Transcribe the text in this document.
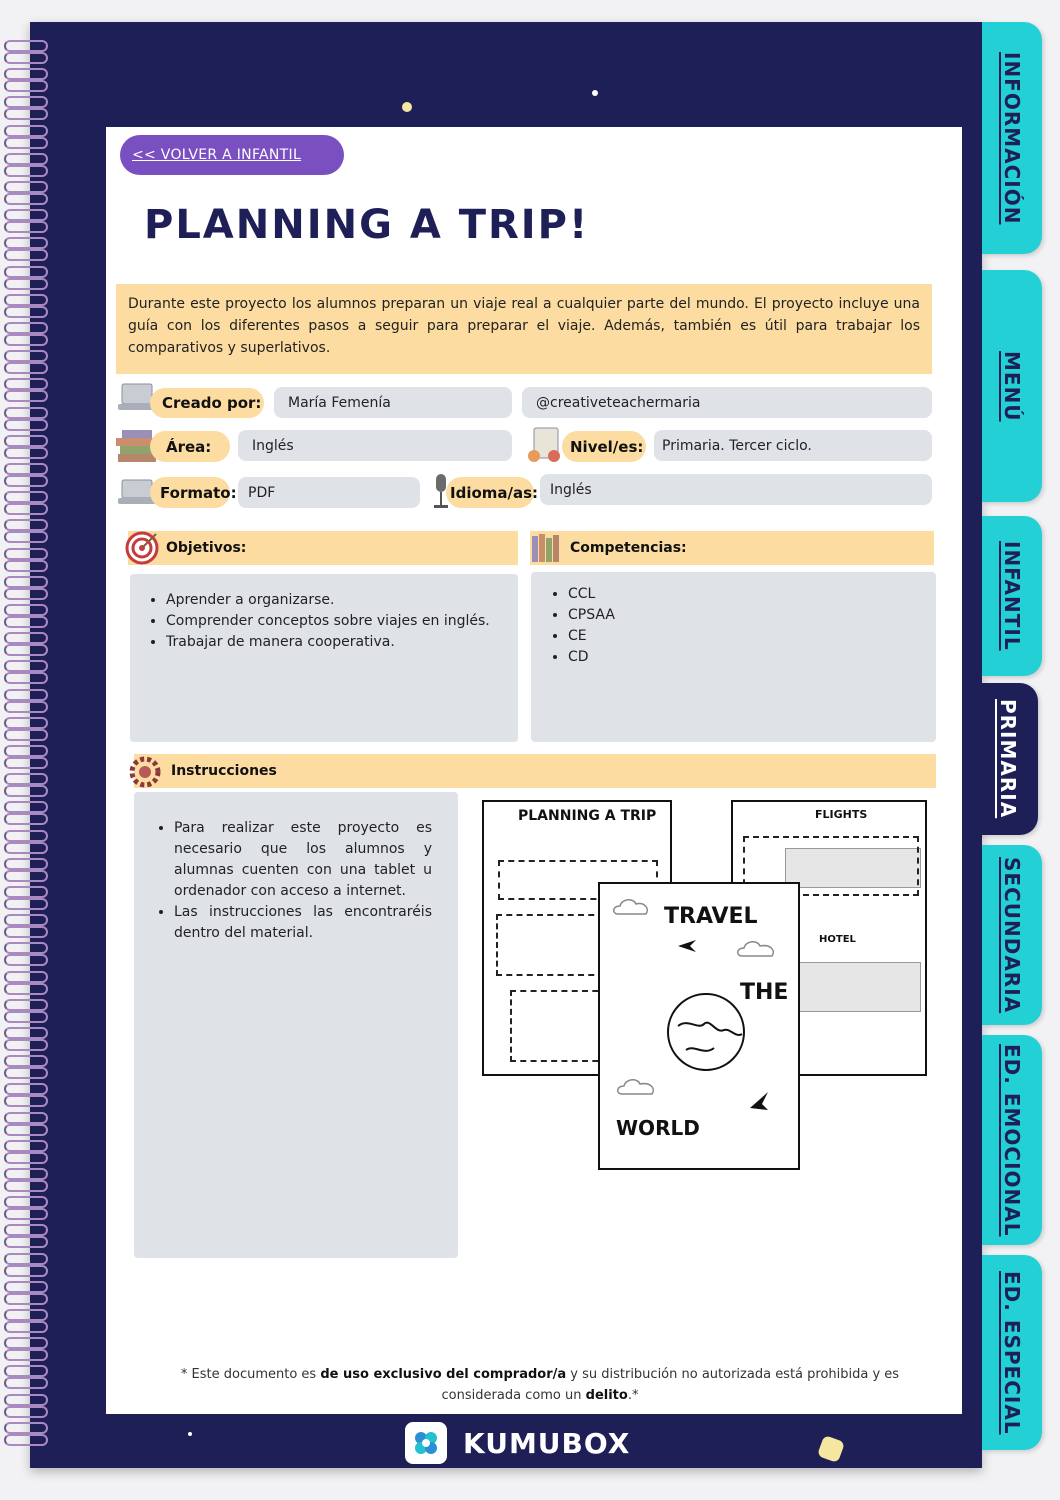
INFORMACIÓN
MENÚ
INFANTIL
PRIMARIA
SECUNDARIA
ED. EMOCIONAL
ED. ESPECIAL
<< VOLVER A INFANTIL
PLANNING A TRIP!
Durante este proyecto los alumnos preparan un viaje real a cualquier parte del mundo. El proyecto incluye una guía con los diferentes pasos a seguir para preparar el viaje. Además, también es útil para trabajar los comparativos y superlativos.
Creado por: María Femenía	@creativeteachermaria
Área:	Inglés	Nivel/es: Primaria. Tercer ciclo.
Formato: PDF	Idioma/as: Inglés
Objetivos:
• Aprender a organizarse.
• Comprender conceptos sobre viajes en inglés.
• Trabajar de manera cooperativa.
Competencias:
• CCL
• CPSAA
• CE
• CD
Instrucciones
• Para realizar este proyecto es necesario que los alumnos y alumnas cuenten con una tablet u ordenador con acceso a internet.
• Las instrucciones las encontraréis dentro del material.
PLANNING A TRIP	FLIGHTS
HOTEL
TRAVEL
THE
WORLD
* Este documento es de uso exclusivo del comprador/a y su distribución no autorizada está prohibida y es considerada como un delito.*
KUMUBOX
